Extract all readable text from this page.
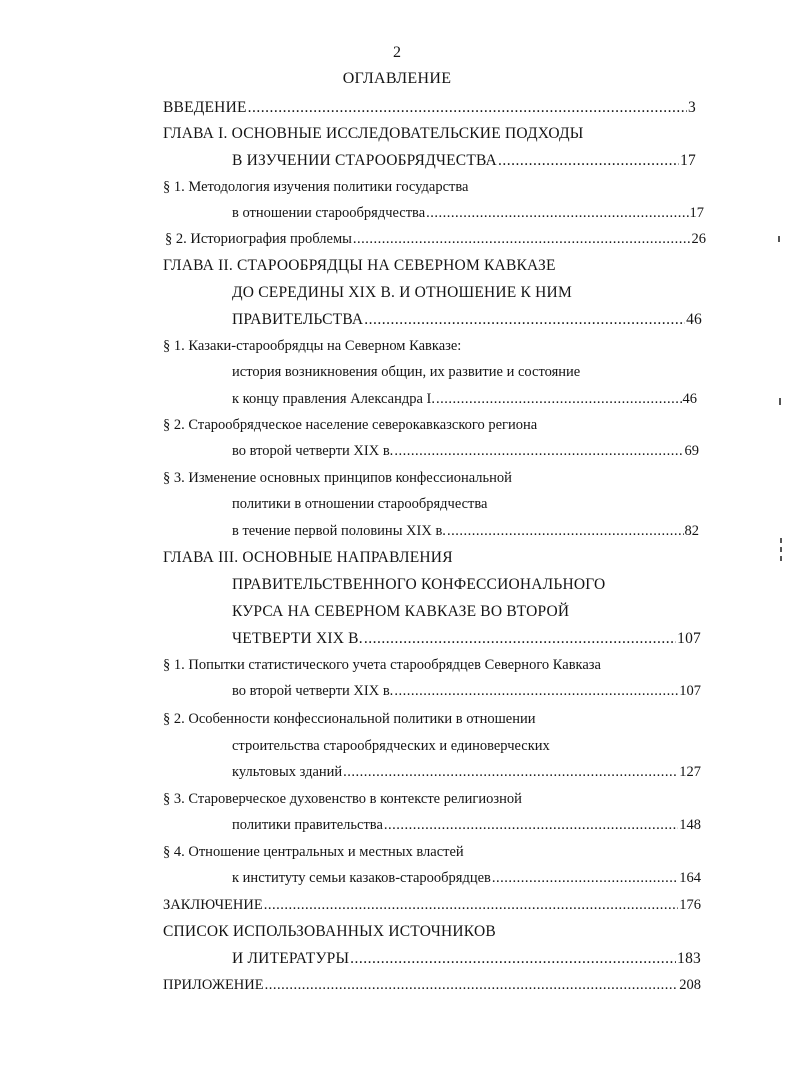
2
ОГЛАВЛЕНИЕ
ВВЕДЕНИЕ .....	3
ГЛАВА I. ОСНОВНЫЕ ИССЛЕДОВАТЕЛЬСКИЕ ПОДХОДЫ
В ИЗУЧЕНИИ СТАРООБРЯДЧЕСТВА .....	17
§ 1. Методология изучения политики государства
в отношении старообрядчества .....	17
§ 2. Историография проблемы .....	26
ГЛАВА II. СТАРООБРЯДЦЫ НА СЕВЕРНОМ КАВКАЗЕ
ДО СЕРЕДИНЫ XIX В. И ОТНОШЕНИЕ К НИМ
ПРАВИТЕЛЬСТВА .....	46
§ 1. Казаки-старообрядцы на Северном Кавказе:
история возникновения общин, их развитие и состояние
к концу правления Александра I. .....	46
§ 2. Старообрядческое население северокавказского региона
во второй четверти XIX в. .....	69
§ 3. Изменение основных принципов конфессиональной
политики в отношении старообрядчества
в течение первой половины XIX в. .....	82
ГЛАВА III. ОСНОВНЫЕ НАПРАВЛЕНИЯ
ПРАВИТЕЛЬСТВЕННОГО КОНФЕССИОНАЛЬНОГО
КУРСА НА СЕВЕРНОМ КАВКАЗЕ ВО ВТОРОЙ
ЧЕТВЕРТИ XIX В. .....	107
§ 1. Попытки статистического учета старообрядцев Северного Кавказа
во второй четверти XIX в. .....	107
§ 2. Особенности конфессиональной политики в отношении
строительства старообрядческих и единоверческих
культовых зданий .....	127
§ 3. Староверческое духовенство в контексте религиозной
политики правительства .....	148
§ 4. Отношение центральных и местных властей
к институту семьи казаков-старообрядцев .....	164
ЗАКЛЮЧЕНИЕ .....	176
СПИСОК ИСПОЛЬЗОВАННЫХ ИСТОЧНИКОВ
И ЛИТЕРАТУРЫ .....	183
ПРИЛОЖЕНИЕ .....	208
